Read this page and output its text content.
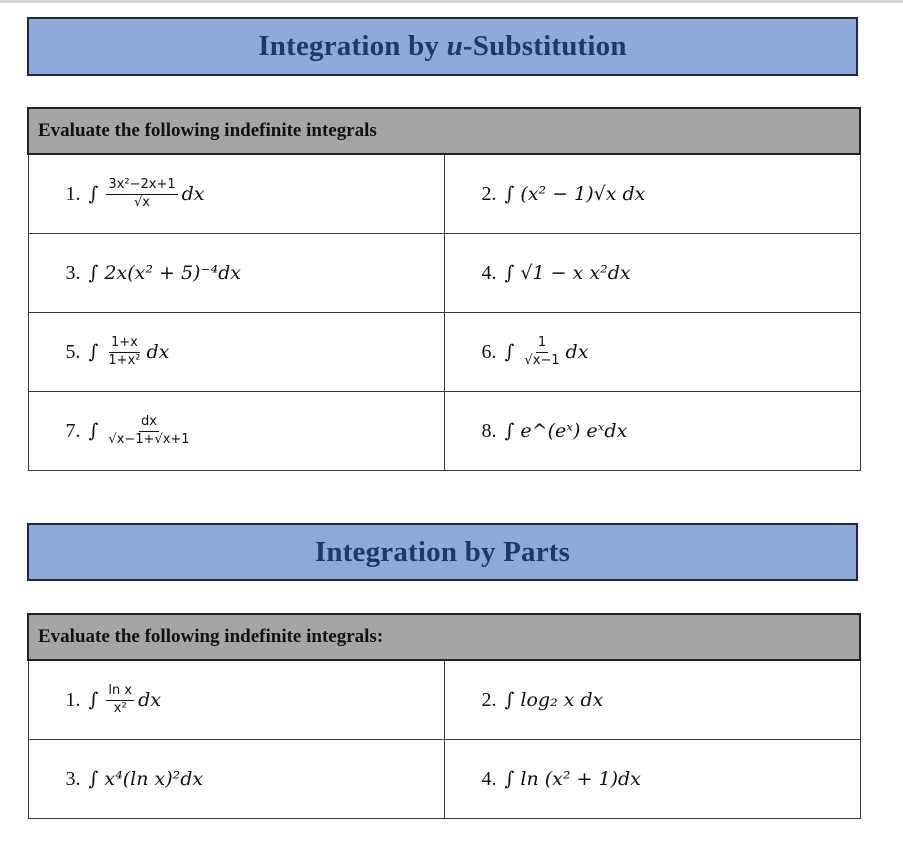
Integration by u-Substitution
Evaluate the following indefinite integrals	

1. ∫ $\frac{\text{3x²−2x+1}}{√x}$ dx	2. ∫ (x² − 1)√x dx

3. ∫ 2x(x² + 5)⁻⁴dx	4. ∫ √1 − x x²dx

5. ∫ $\frac{1+x}{\text{1+x²}}$ dx	6. ∫ $\frac{1}{√x-1}$ dx

7. ∫ $\frac{dx}{√x-1+√x+1}$	8. ∫ e^(eˣ) eˣdx
Integration by Parts
Evaluate the following indefinite integrals:	

1. ∫ $\frac{\text{ln x}}{\text{x²}}$ dx	2. ∫ log₂ x dx

3. ∫ x⁴(ln x)²dx	4. ∫ ln (x² + 1)dx
